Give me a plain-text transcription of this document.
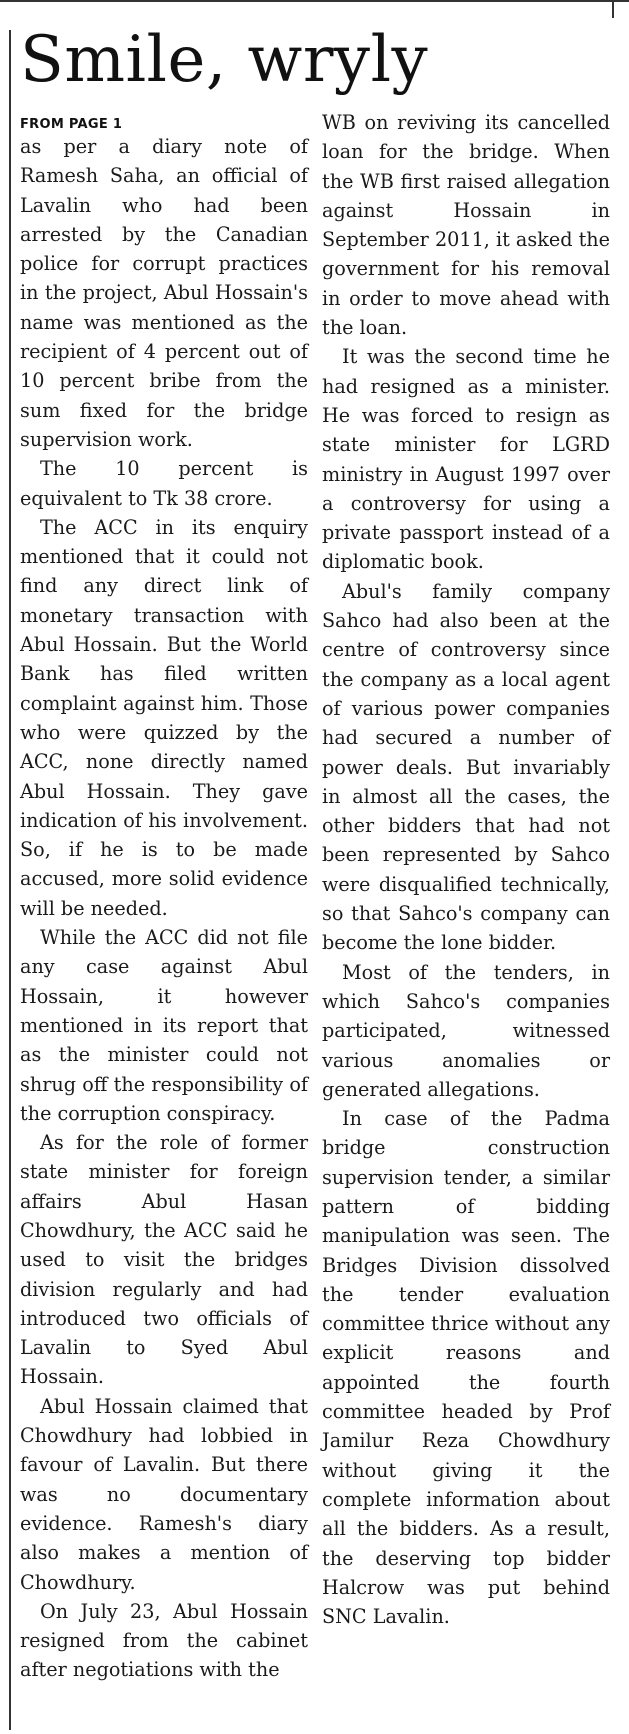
Smile, wryly

FROM PAGE 1

as per a diary note of Ramesh Saha, an official of Lavalin who had been arrested by the Canadian police for corrupt practices in the project, Abul Hossain's name was mentioned as the recipient of 4 percent out of 10 percent bribe from the sum fixed for the bridge supervision work.

The 10 percent is equivalent to Tk 38 crore.

The ACC in its enquiry mentioned that it could not find any direct link of monetary transaction with Abul Hossain. But the World Bank has filed written complaint against him. Those who were quizzed by the ACC, none directly named Abul Hossain. They gave indication of his involvement. So, if he is to be made accused, more solid evidence will be needed.

While the ACC did not file any case against Abul Hossain, it however mentioned in its report that as the minister could not shrug off the responsibility of the corruption conspiracy.

As for the role of former state minister for foreign affairs Abul Hasan Chowdhury, the ACC said he used to visit the bridges division regularly and had introduced two officials of Lavalin to Syed Abul Hossain.

Abul Hossain claimed that Chowdhury had lobbied in favour of Lavalin. But there was no documentary evidence. Ramesh's diary also makes a mention of Chowdhury.

On July 23, Abul Hossain resigned from the cabinet after negotiations with the

WB on reviving its cancelled loan for the bridge. When the WB first raised allegation against Hossain in September 2011, it asked the government for his removal in order to move ahead with the loan.

It was the second time he had resigned as a minister. He was forced to resign as state minister for LGRD ministry in August 1997 over a controversy for using a private passport instead of a diplomatic book.

Abul's family company Sahco had also been at the centre of controversy since the company as a local agent of various power companies had secured a number of power deals. But invariably in almost all the cases, the other bidders that had not been represented by Sahco were disqualified technically, so that Sahco's company can become the lone bidder.

Most of the tenders, in which Sahco's companies participated, witnessed various anomalies or generated allegations.

In case of the Padma bridge construction supervision tender, a similar pattern of bidding manipulation was seen. The Bridges Division dissolved the tender evaluation committee thrice without any explicit reasons and appointed the fourth committee headed by Prof Jamilur Reza Chowdhury without giving it the complete information about all the bidders. As a result, the deserving top bidder Halcrow was put behind SNC Lavalin.
